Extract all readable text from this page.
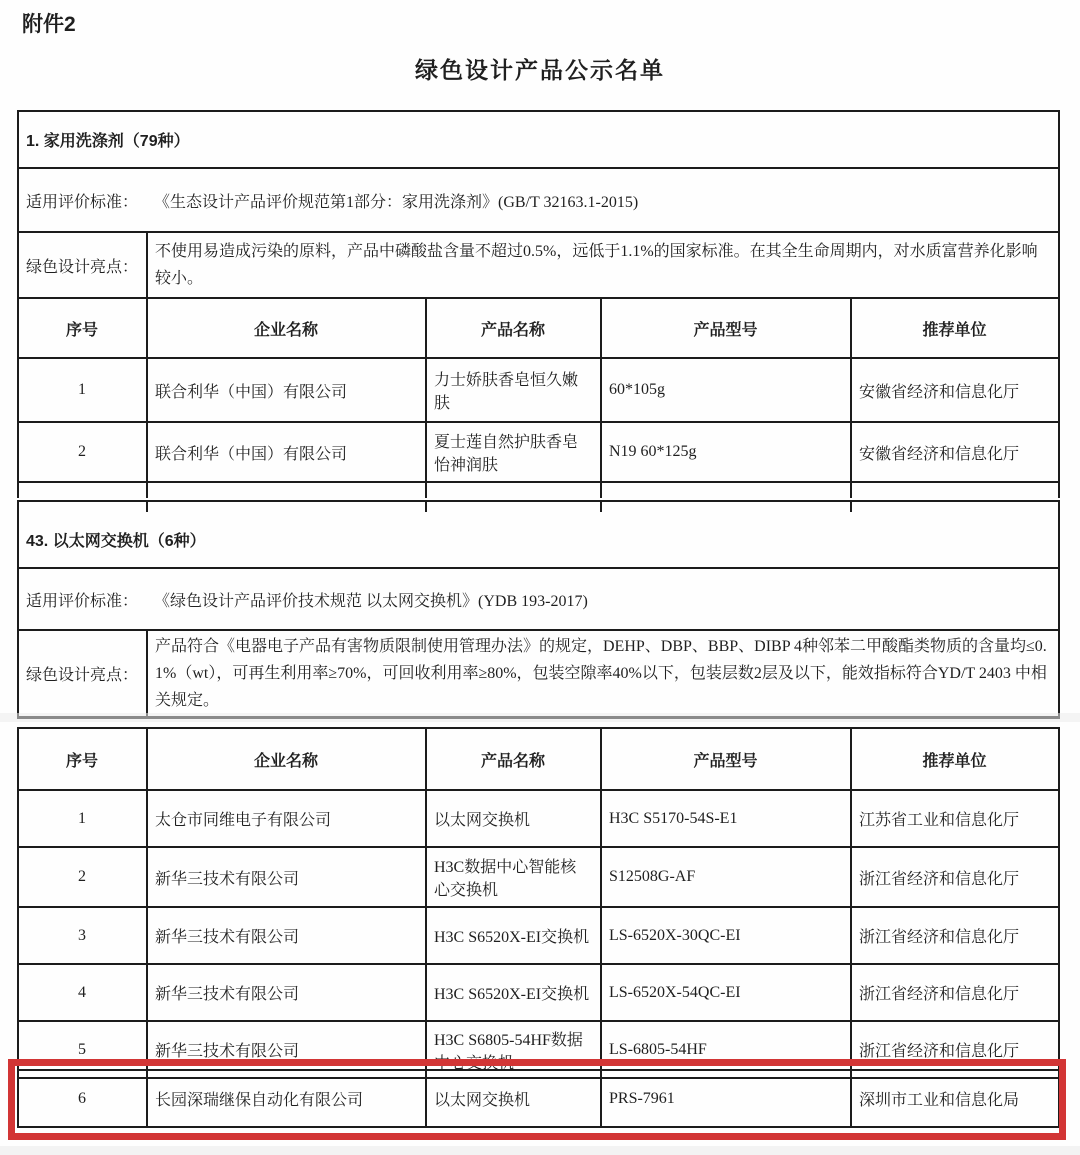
附件2
绿色设计产品公示名单
1. 家用洗涤剂（79种）				

适用评价标准： 《生态设计产品评价规范第1部分：家用洗涤剂》(GB/T 32163.1-2015)				

绿色设计亮点：	不使用易造成污染的原料，产品中磷酸盐含量不超过0.5%，远低于1.1%的国家标准。在其全生命周期内，对水质富营养化影响较小。			
序号	企业名称	产品名称	产品型号	推荐单位
1	联合利华（中国）有限公司	力士娇肤香皂恒久嫩肤	60*105g	安徽省经济和信息化厅
2	联合利华（中国）有限公司	夏士莲自然护肤香皂怡神润肤	N19 60*125g	安徽省经济和信息化厅

43. 以太网交换机（6种）				

适用评价标准： 《绿色设计产品评价技术规范 以太网交换机》(YDB 193-2017)				

绿色设计亮点：	产品符合《电器电子产品有害物质限制使用管理办法》的规定，DEHP、DBP、BBP、DIBP 4种邻苯二甲酸酯类物质的含量均≤0.1%（wt），可再生利用率≥70%，可回收利用率≥80%，包装空隙率40%以下，包装层数2层及以下，能效指标符合YD/T 2403 中相关规定。			
序号	企业名称	产品名称	产品型号	推荐单位
1	太仓市同维电子有限公司	以太网交换机	H3C S5170-54S-E1	江苏省工业和信息化厅
2	新华三技术有限公司	H3C数据中心智能核心交换机	S12508G-AF	浙江省经济和信息化厅
3	新华三技术有限公司	H3C S6520X-EI交换机	LS-6520X-30QC-EI	浙江省经济和信息化厅
4	新华三技术有限公司	H3C S6520X-EI交换机	LS-6520X-54QC-EI	浙江省经济和信息化厅
5	新华三技术有限公司	H3C S6805-54HF数据中心交换机	LS-6805-54HF	浙江省经济和信息化厅
6	长园深瑞继保自动化有限公司	以太网交换机	PRS-7961	深圳市工业和信息化局
